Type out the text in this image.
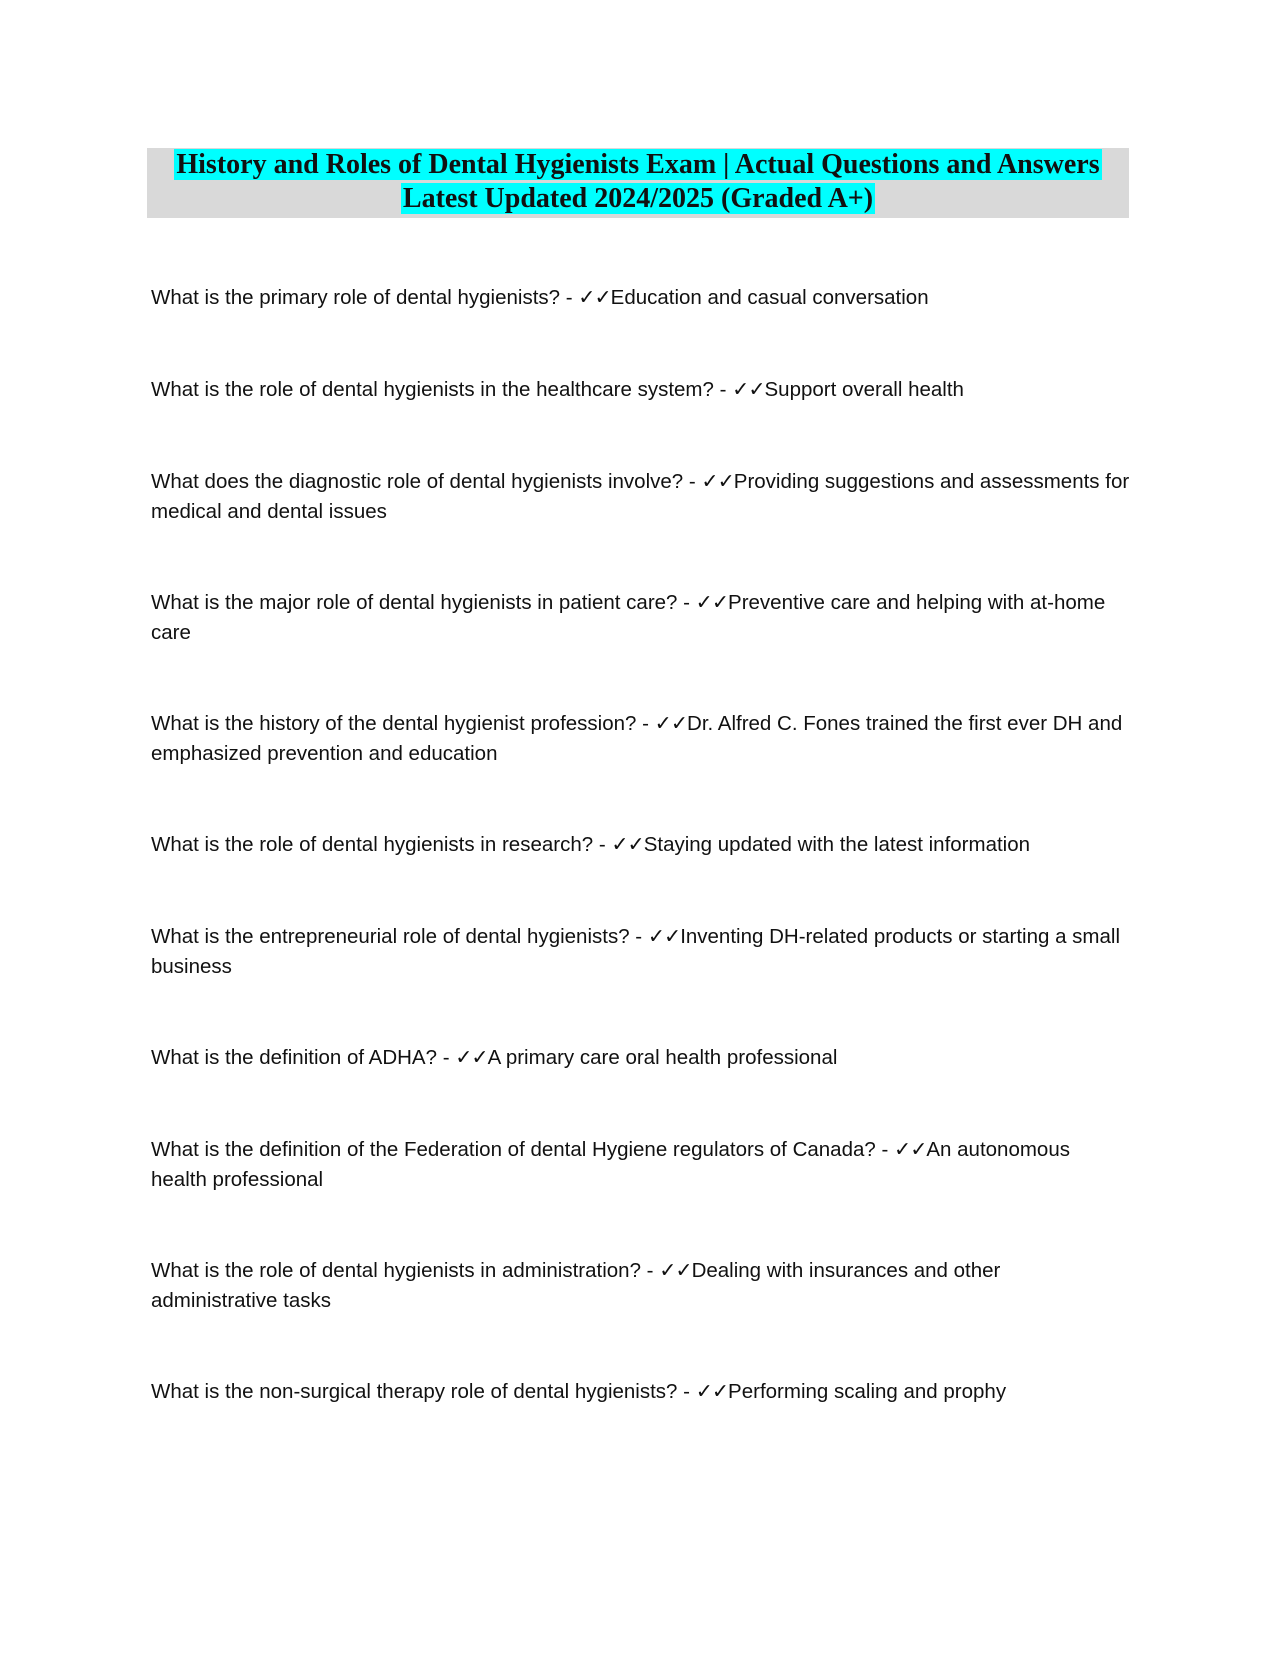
History and Roles of Dental Hygienists Exam | Actual Questions and Answers
Latest Updated 2024/2025 (Graded A+)
What is the primary role of dental hygienists? - ✓✓Education and casual conversation
What is the role of dental hygienists in the healthcare system? - ✓✓Support overall health
What does the diagnostic role of dental hygienists involve? - ✓✓Providing suggestions and assessments for medical and dental issues
What is the major role of dental hygienists in patient care? - ✓✓Preventive care and helping with at-home care
What is the history of the dental hygienist profession? - ✓✓Dr. Alfred C. Fones trained the first ever DH and emphasized prevention and education
What is the role of dental hygienists in research? - ✓✓Staying updated with the latest information
What is the entrepreneurial role of dental hygienists? - ✓✓Inventing DH-related products or starting a small business
What is the definition of ADHA? - ✓✓A primary care oral health professional
What is the definition of the Federation of dental Hygiene regulators of Canada? - ✓✓An autonomous health professional
What is the role of dental hygienists in administration? - ✓✓Dealing with insurances and other administrative tasks
What is the non-surgical therapy role of dental hygienists? - ✓✓Performing scaling and prophy
